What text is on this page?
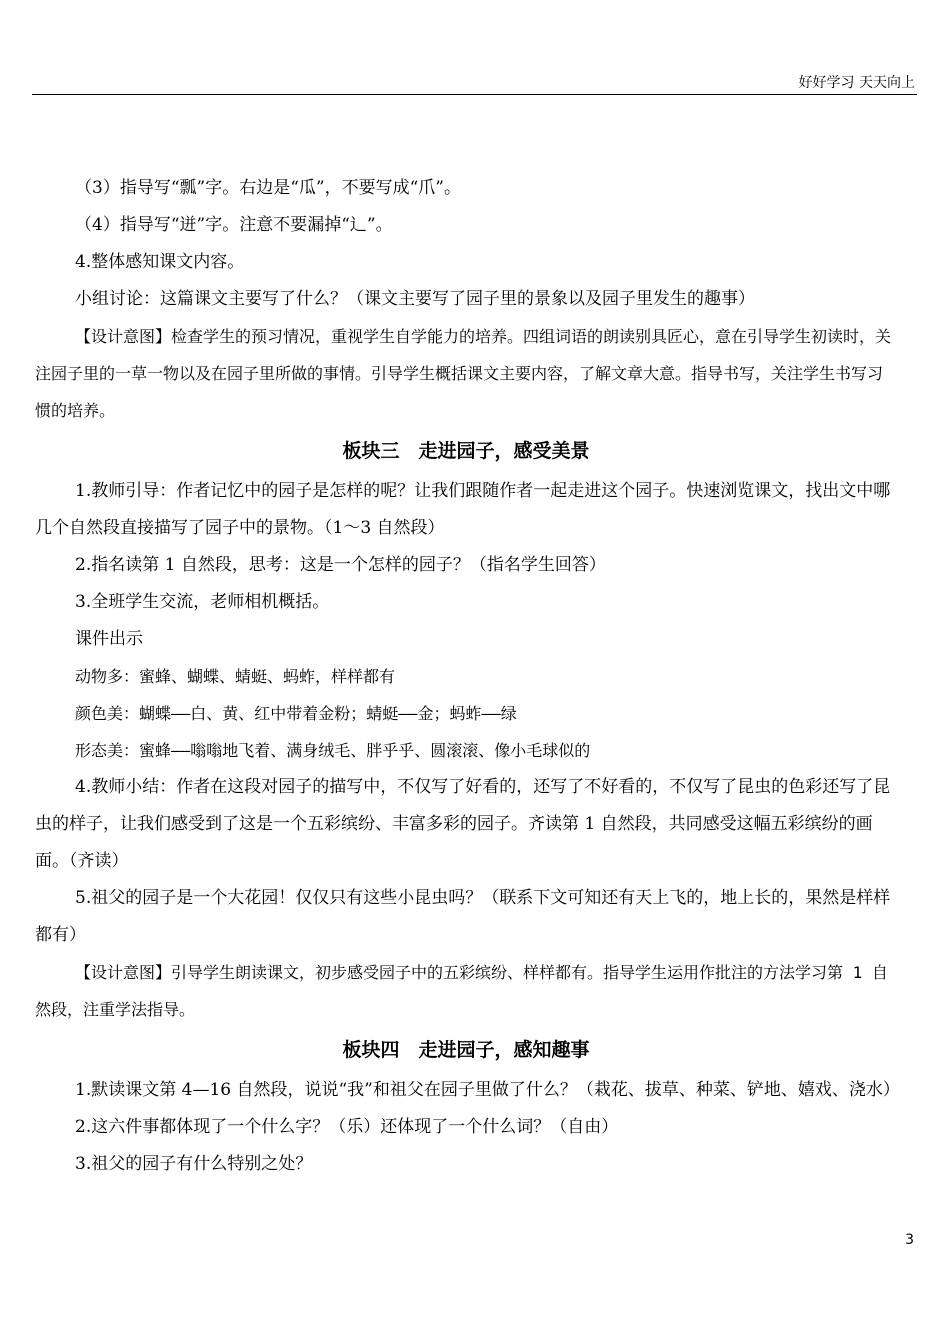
好好学习 天天向上

（3）指导写“瓢”字。右边是“瓜”，不要写成“爪”。

（4）指导写“迸”字。注意不要漏掉“辶”。

4.整体感知课文内容。

小组讨论：这篇课文主要写了什么？（课文主要写了园子里的景象以及园子里发生的趣事）

【设计意图】检查学生的预习情况，重视学生自学能力的培养。四组词语的朗读别具匠心，意在引导学生初读时，关注园子里的一草一物以及在园子里所做的事情。引导学生概括课文主要内容，了解文章大意。指导书写，关注学生书写习惯的培养。

板块三　走进园子，感受美景

1.教师引导：作者记忆中的园子是怎样的呢？让我们跟随作者一起走进这个园子。快速浏览课文，找出文中哪几个自然段直接描写了园子中的景物。（1～3 自然段）

2.指名读第 1 自然段，思考：这是一个怎样的园子？（指名学生回答）

3.全班学生交流，老师相机概括。

课件出示

动物多：蜜蜂、蝴蝶、蜻蜓、蚂蚱，样样都有

颜色美：蝴蝶——白、黄、红中带着金粉；蜻蜓——金；蚂蚱——绿

形态美：蜜蜂——嗡嗡地飞着、满身绒毛、胖乎乎、圆滚滚、像小毛球似的

4.教师小结：作者在这段对园子的描写中，不仅写了好看的，还写了不好看的，不仅写了昆虫的色彩还写了昆虫的样子，让我们感受到了这是一个五彩缤纷、丰富多彩的园子。齐读第 1 自然段，共同感受这幅五彩缤纷的画面。（齐读）

5.祖父的园子是一个大花园！仅仅只有这些小昆虫吗？（联系下文可知还有天上飞的，地上长的，果然是样样都有）

【设计意图】引导学生朗读课文，初步感受园子中的五彩缤纷、样样都有。指导学生运用作批注的方法学习第 1 自然段，注重学法指导。

板块四　走进园子，感知趣事

1.默读课文第 4—16 自然段，说说“我”和祖父在园子里做了什么？（栽花、拔草、种菜、铲地、嬉戏、浇水）

2.这六件事都体现了一个什么字？（乐）还体现了一个什么词？（自由）

3.祖父的园子有什么特别之处？

3
